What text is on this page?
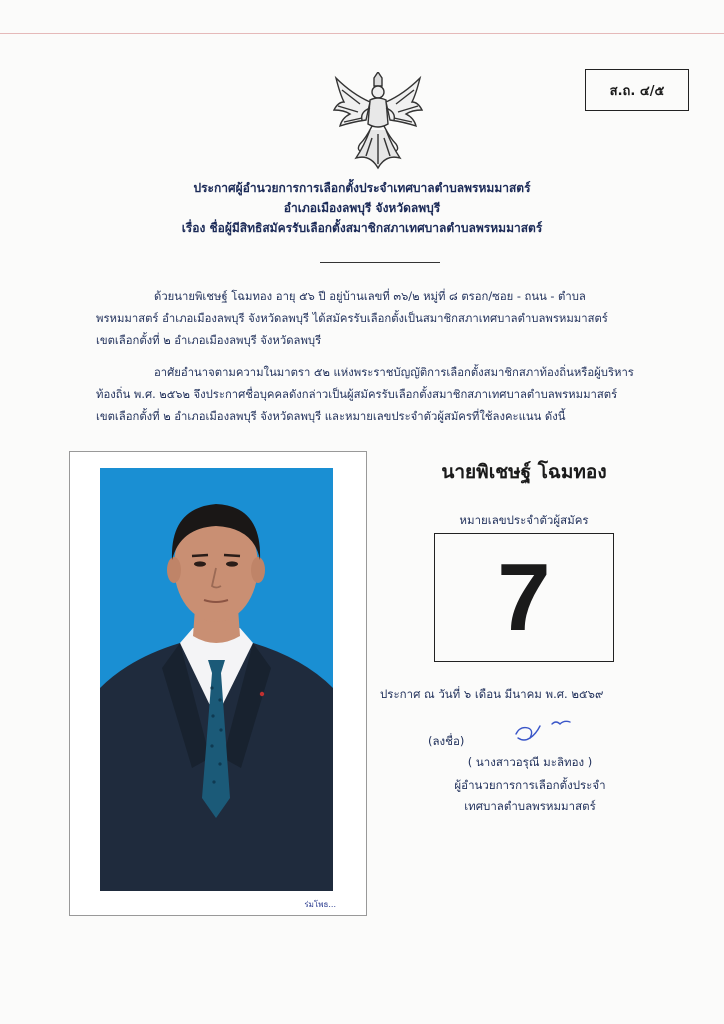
ส.ถ. ๔/๕
ประกาศผู้อำนวยการการเลือกตั้งประจำเทศบาลตำบลพรหมมาสตร์
อำเภอเมืองลพบุรี จังหวัดลพบุรี
เรื่อง ชื่อผู้มีสิทธิสมัครรับเลือกตั้งสมาชิกสภาเทศบาลตำบลพรหมมาสตร์
ด้วยนายพิเชษฐ์ โฉมทอง อายุ ๕๖ ปี อยู่บ้านเลขที่ ๓๖/๒ หมู่ที่ ๘ ตรอก/ซอย - ถนน - ตำบล
พรหมมาสตร์ อำเภอเมืองลพบุรี จังหวัดลพบุรี ได้สมัครรับเลือกตั้งเป็นสมาชิกสภาเทศบาลตำบลพรหมมาสตร์
เขตเลือกตั้งที่ ๒ อำเภอเมืองลพบุรี จังหวัดลพบุรี
อาศัยอำนาจตามความในมาตรา ๕๒ แห่งพระราชบัญญัติการเลือกตั้งสมาชิกสภาท้องถิ่นหรือผู้บริหาร
ท้องถิ่น พ.ศ. ๒๕๖๒ จึงประกาศชื่อบุคคลดังกล่าวเป็นผู้สมัครรับเลือกตั้งสมาชิกสภาเทศบาลตำบลพรหมมาสตร์
เขตเลือกตั้งที่ ๒ อำเภอเมืองลพบุรี จังหวัดลพบุรี และหมายเลขประจำตัวผู้สมัครที่ใช้ลงคะแนน ดังนี้
ร่มโพธ...
นายพิเชษฐ์ โฉมทอง
หมายเลขประจำตัวผู้สมัคร
7
ประกาศ ณ วันที่ ๖ เดือน มีนาคม พ.ศ. ๒๕๖๙
(ลงชื่อ)
( นางสาวอรุณี มะลิทอง )
ผู้อำนวยการการเลือกตั้งประจำ
เทศบาลตำบลพรหมมาสตร์
